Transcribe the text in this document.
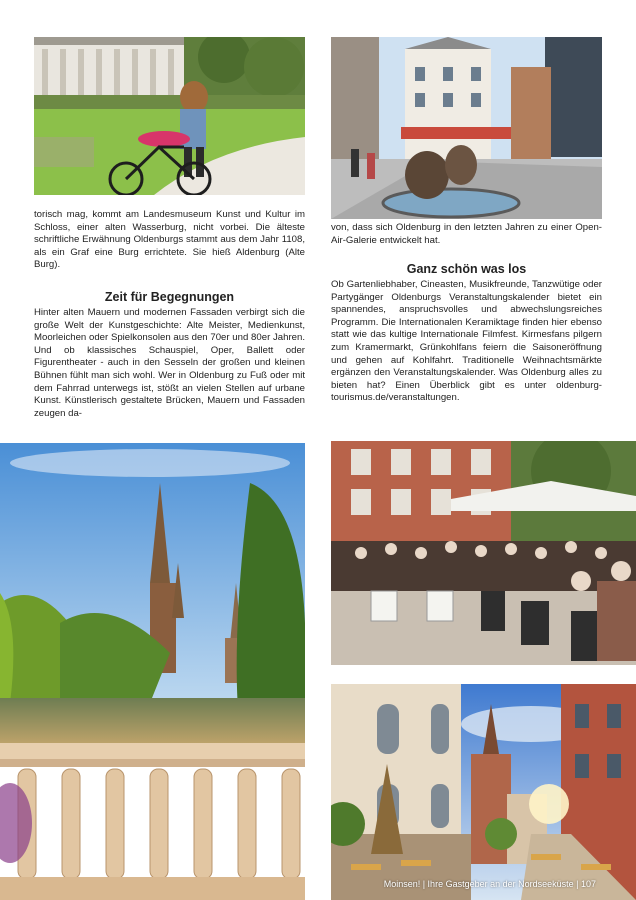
torisch mag, kommt am Landesmuseum Kunst und Kultur im Schloss, einer alten Wasserburg, nicht vorbei. Die älteste schriftliche Erwähnung Oldenburgs stammt aus dem Jahr 1108, als ein Graf eine Burg errichtete. Sie hieß Aldenburg (Alte Burg).

Zeit für Begegnungen

Hinter alten Mauern und modernen Fassaden verbirgt sich die große Welt der Kunstgeschichte: Alte Meister, Medienkunst, Moorleichen oder Spielkonsolen aus den 70er und 80er Jahren. Und ob klassisches Schauspiel, Oper, Ballett oder Figurentheater - auch in den Sesseln der großen und kleinen Bühnen fühlt man sich wohl. Wer in Oldenburg zu Fuß oder mit dem Fahrrad unterwegs ist, stößt an vielen Stellen auf urbane Kunst. Künstlerisch gestaltete Brücken, Mauern und Fassaden zeugen da-

von, dass sich Oldenburg in den letzten Jahren zu einer Open-Air-Galerie entwickelt hat.

Ganz schön was los

Ob Gartenliebhaber, Cineasten, Musikfreunde, Tanzwütige oder Partygänger Oldenburgs Veranstaltungskalender bietet ein spannendes, anspruchsvolles und abwechslungsreiches Programm. Die Internationalen Keramiktage finden hier ebenso statt wie das kultige Internationale Filmfest. Kirmesfans pilgern zum Kramermarkt, Grünkohlfans feiern die Saisoneröffnung und gehen auf Kohlfahrt. Traditionelle Weihnachtsmärkte ergänzen den Veranstaltungskalender. Was Oldenburg alles zu bieten hat? Einen Überblick gibt es unter oldenburg-tourismus.de/veranstaltungen.

Moinsen! | Ihre Gastgeber an der Nordseeküste | 107
